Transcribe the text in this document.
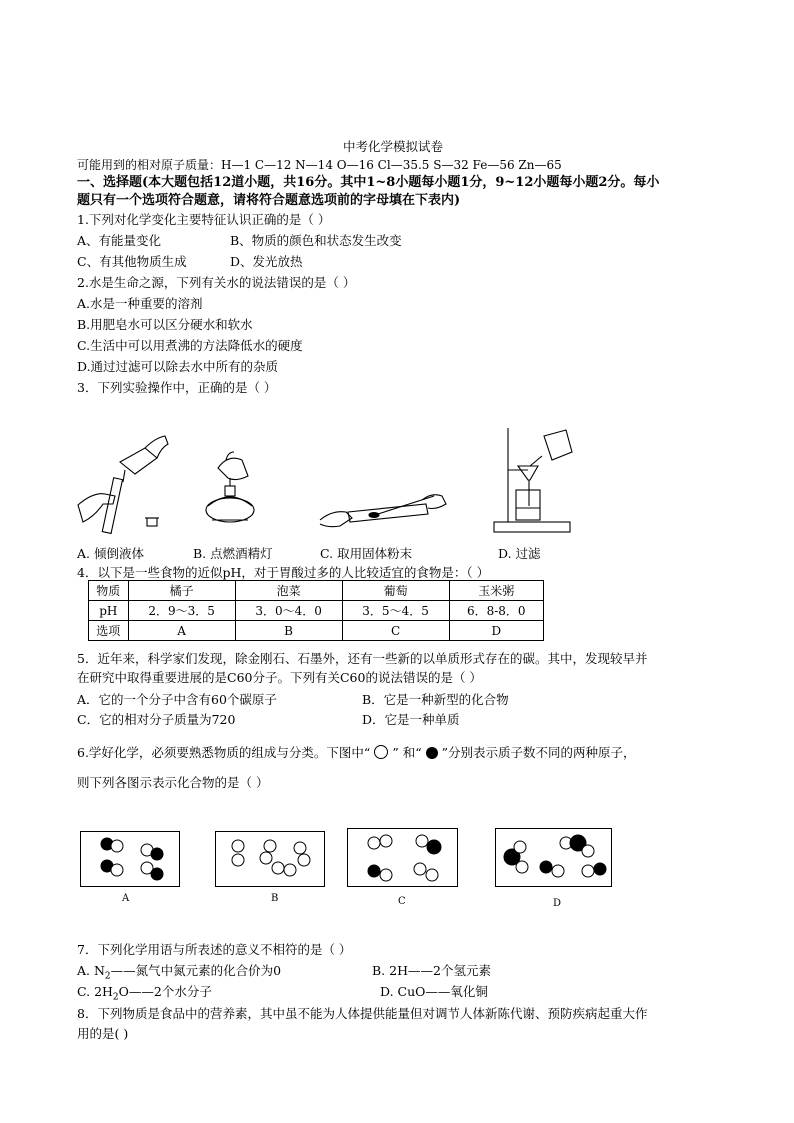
中考化学模拟试卷
可能用到的相对原子质量：H—1 C—12 N—14 O—16 Cl—35.5 S—32 Fe—56 Zn—65
一、选择题(本大题包括12道小题，共16分。其中1~8小题每小题1分，9~12小题每小题2分。每小
题只有一个选项符合题意，请将符合题意选项前的字母填在下表内)
1.下列对化学变化主要特征认识正确的是（ ）
A、有能量变化	B、物质的颜色和状态发生改变
C、有其他物质生成	D、发光放热
2.水是生命之源，下列有关水的说法错误的是（ ）
A.水是一种重要的溶剂
B.用肥皂水可以区分硬水和软水
C.生活中可以用煮沸的方法降低水的硬度
D.通过过滤可以除去水中所有的杂质
3．下列实验操作中，正确的是（ ）
A. 倾倒液体	B. 点燃酒精灯	C. 取用固体粉末	D. 过滤
4．以下是一些食物的近似pH，对于胃酸过多的人比较适宜的食物是：（ ）
物质	橘子	泡菜	葡萄	玉米粥
pH	2．9～3．5	3．0～4．0	3．5～4．5	6．8-8．0
选项	A	B	C	D
5．近年来，科学家们发现，除金刚石、石墨外，还有一些新的以单质形式存在的碳。其中，发现较早并
在研究中取得重要进展的是C60分子。下列有关C60的说法错误的是（ ）
A．它的一个分子中含有60个碳原子	B．它是一种新型的化合物
C．它的相对分子质量为720	D．它是一种单质
6.学好化学，必须要熟悉物质的组成与分类。下图中“ ” 和“ ”分别表示质子数不同的两种原子，
则下列各图示表示化合物的是（ ）
A	B	C	D
7．下列化学用语与所表述的意义不相符的是（ ）
A. $N_2——$氮气中氮元素的化合价为0	B. 2H——2个氢元素
C. $2H_2O——2$个水分子	D. CuO——氧化铜
8．下列物质是食品中的营养素，其中虽不能为人体提供能量但对调节人体新陈代谢、预防疾病起重大作
用的是( )
